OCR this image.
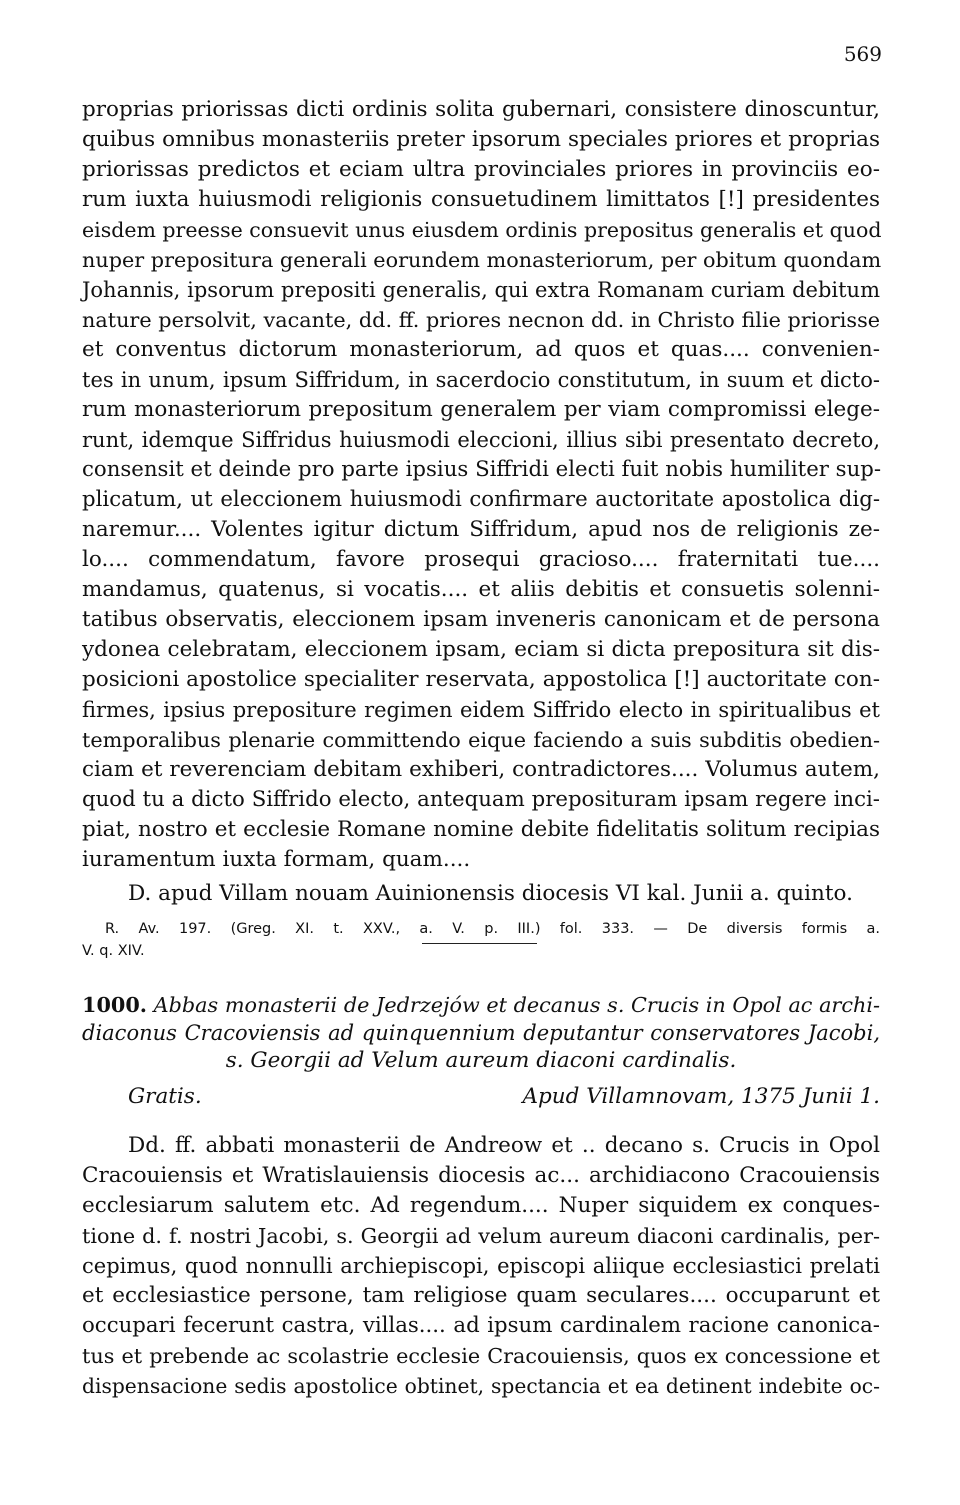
569
proprias priorissas dicti ordinis solita gubernari, consistere dinoscuntur,
quibus omnibus monasteriis preter ipsorum speciales priores et proprias
priorissas predictos et eciam ultra provinciales priores in provinciis eo-
rum iuxta huiusmodi religionis consuetudinem limittatos [!] presidentes
eisdem preesse consuevit unus eiusdem ordinis prepositus generalis et quod
nuper prepositura generali eorundem monasteriorum, per obitum quondam
Johannis, ipsorum prepositi generalis, qui extra Romanam curiam debitum
nature persolvit, vacante, dd. ff. priores necnon dd. in Christo filie priorisse
et conventus dictorum monasteriorum, ad quos et quas.... convenien-
tes in unum, ipsum Siffridum, in sacerdocio constitutum, in suum et dicto-
rum monasteriorum prepositum generalem per viam compromissi elege-
runt, idemque Siffridus huiusmodi eleccioni, illius sibi presentato decreto,
consensit et deinde pro parte ipsius Siffridi electi fuit nobis humiliter sup-
plicatum, ut eleccionem huiusmodi confirmare auctoritate apostolica dig-
naremur.... Volentes igitur dictum Siffridum, apud nos de religionis ze-
lo.... commendatum, favore prosequi gracioso.... fraternitati tue....
mandamus, quatenus, si vocatis.... et aliis debitis et consuetis solenni-
tatibus observatis, eleccionem ipsam inveneris canonicam et de persona
ydonea celebratam, eleccionem ipsam, eciam si dicta prepositura sit dis-
posicioni apostolice specialiter reservata, appostolica [!] auctoritate con-
firmes, ipsius prepositure regimen eidem Siffrido electo in spiritualibus et
temporalibus plenarie committendo eique faciendo a suis subditis obedien-
ciam et reverenciam debitam exhiberi, contradictores.... Volumus autem,
quod tu a dicto Siffrido electo, antequam preposituram ipsam regere inci-
piat, nostro et ecclesie Romane nomine debite fidelitatis solitum recipias
iuramentum iuxta formam, quam....
D. apud Villam nouam Auinionensis diocesis VI kal. Junii a. quinto.
R. Av. 197. (Greg. XI. t. XXV., a. V. p. III.) fol. 333. — De diversis formis a.
V. q. XIV.
1000. Abbas monasterii de Jedrzejów et decanus s. Crucis in Opol ac archi-
diaconus Cracoviensis ad quinquennium deputantur conservatores Jacobi,
s. Georgii ad Velum aureum diaconi cardinalis.
Gratis.	Apud Villamnovam, 1375 Junii 1.
Dd. ff. abbati monasterii de Andreow et .. decano s. Crucis in Opol
Cracouiensis et Wratislauiensis diocesis ac... archidiacono Cracouiensis
ecclesiarum salutem etc. Ad regendum.... Nuper siquidem ex conques-
tione d. f. nostri Jacobi, s. Georgii ad velum aureum diaconi cardinalis, per-
cepimus, quod nonnulli archiepiscopi, episcopi aliique ecclesiastici prelati
et ecclesiastice persone, tam religiose quam seculares.... occuparunt et
occupari fecerunt castra, villas.... ad ipsum cardinalem racione canonica-
tus et prebende ac scolastrie ecclesie Cracouiensis, quos ex concessione et
dispensacione sedis apostolice obtinet, spectancia et ea detinent indebite oc-
